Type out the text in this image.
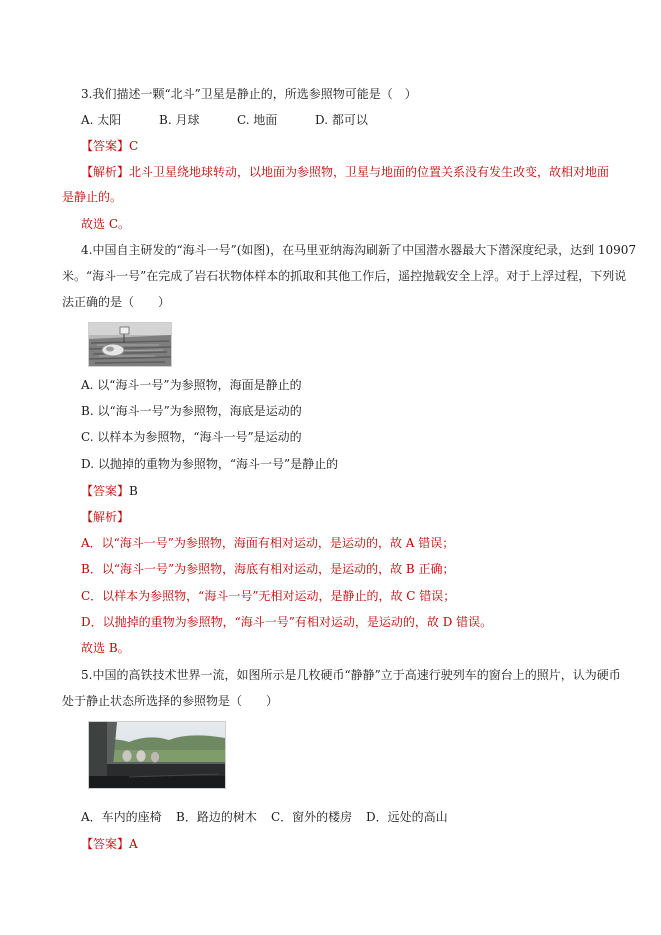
3.我们描述一颗“北斗”卫星是静止的，所选参照物可能是（　）
A. 太阳	B. 月球	C. 地面	D. 都可以
【答案】C
【解析】北斗卫星绕地球转动，以地面为参照物，卫星与地面的位置关系没有发生改变，故相对地面
是静止的。
故选 C。
4.中国自主研发的“海斗一号”(如图)，在马里亚纳海沟刷新了中国潜水器最大下潜深度纪录，达到 10907
米。“海斗一号”在完成了岩石状物体样本的抓取和其他工作后，遥控抛载安全上浮。对于上浮过程，下列说
法正确的是（　　）
A. 以“海斗一号”为参照物，海面是静止的
B. 以“海斗一号”为参照物，海底是运动的
C. 以样本为参照物，“海斗一号”是运动的
D. 以抛掉的重物为参照物，“海斗一号”是静止的
【答案】B
【解析】
A．以“海斗一号”为参照物，海面有相对运动，是运动的，故 A 错误；
B．以“海斗一号”为参照物，海底有相对运动，是运动的，故 B 正确；
C．以样本为参照物，“海斗一号”无相对运动，是静止的，故 C 错误；
D．以抛掉的重物为参照物，“海斗一号”有相对运动，是运动的，故 D 错误。
故选 B。
5.中国的高铁技术世界一流，如图所示是几枚硬币“静静”立于高速行驶列车的窗台上的照片，认为硬币
处于静止状态所选择的参照物是（　　）
A．车内的座椅 B．路边的树木 C．窗外的楼房 D．远处的高山
【答案】A
